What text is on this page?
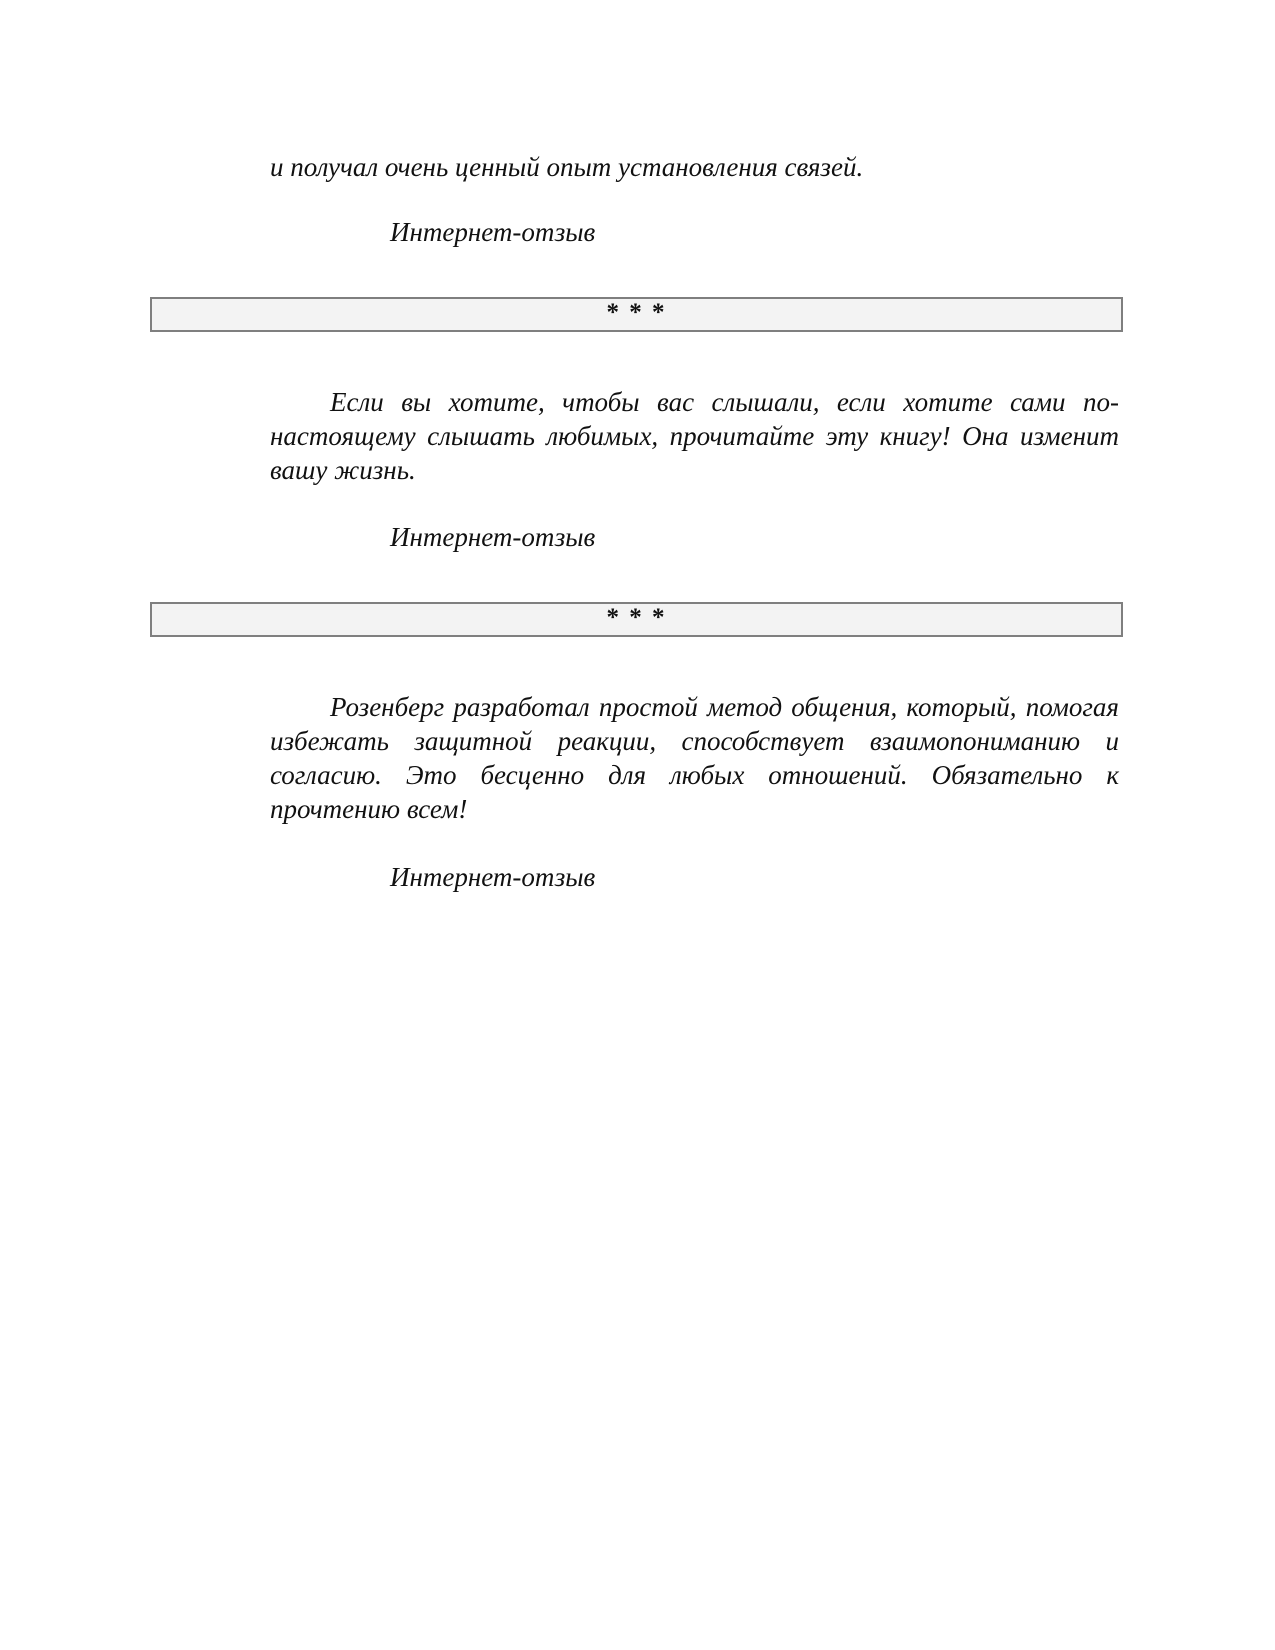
и получал очень ценный опыт установления связей.

Интернет-отзыв

* * *

Если вы хотите, чтобы вас слышали, если хотите сами по-настоящему слышать любимых, прочитайте эту книгу! Она изменит вашу жизнь.

Интернет-отзыв

* * *

Розенберг разработал простой метод общения, который, помогая избежать защитной реакции, способствует взаимопониманию и согласию. Это бесценно для любых отношений. Обязательно к прочтению всем!

Интернет-отзыв
